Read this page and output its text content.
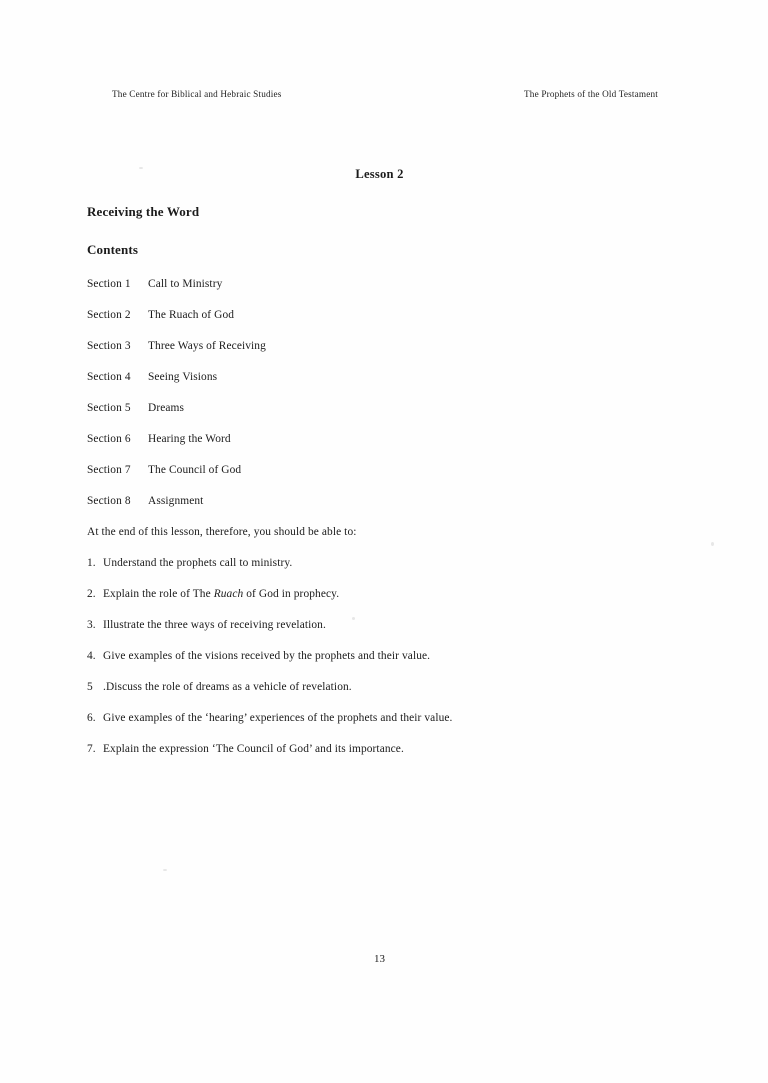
The Centre for Biblical and Hebraic Studies	The Prophets of the Old Testament
Lesson 2
Receiving the Word
Contents
Section 1	Call to Ministry
Section 2	The Ruach of God
Section 3	Three Ways of Receiving
Section 4	Seeing Visions
Section 5	Dreams
Section 6	Hearing the Word
Section 7	The Council of God
Section 8	Assignment
At the end of this lesson, therefore, you should be able to:
1. Understand the prophets call to ministry.
2. Explain the role of The Ruach of God in prophecy.
3. Illustrate the three ways of receiving revelation.
4. Give examples of the visions received by the prophets and their value.
5 .Discuss the role of dreams as a vehicle of revelation.
6. Give examples of the ‘hearing’ experiences of the prophets and their value.
7. Explain the expression ‘The Council of God’ and its importance.
13
